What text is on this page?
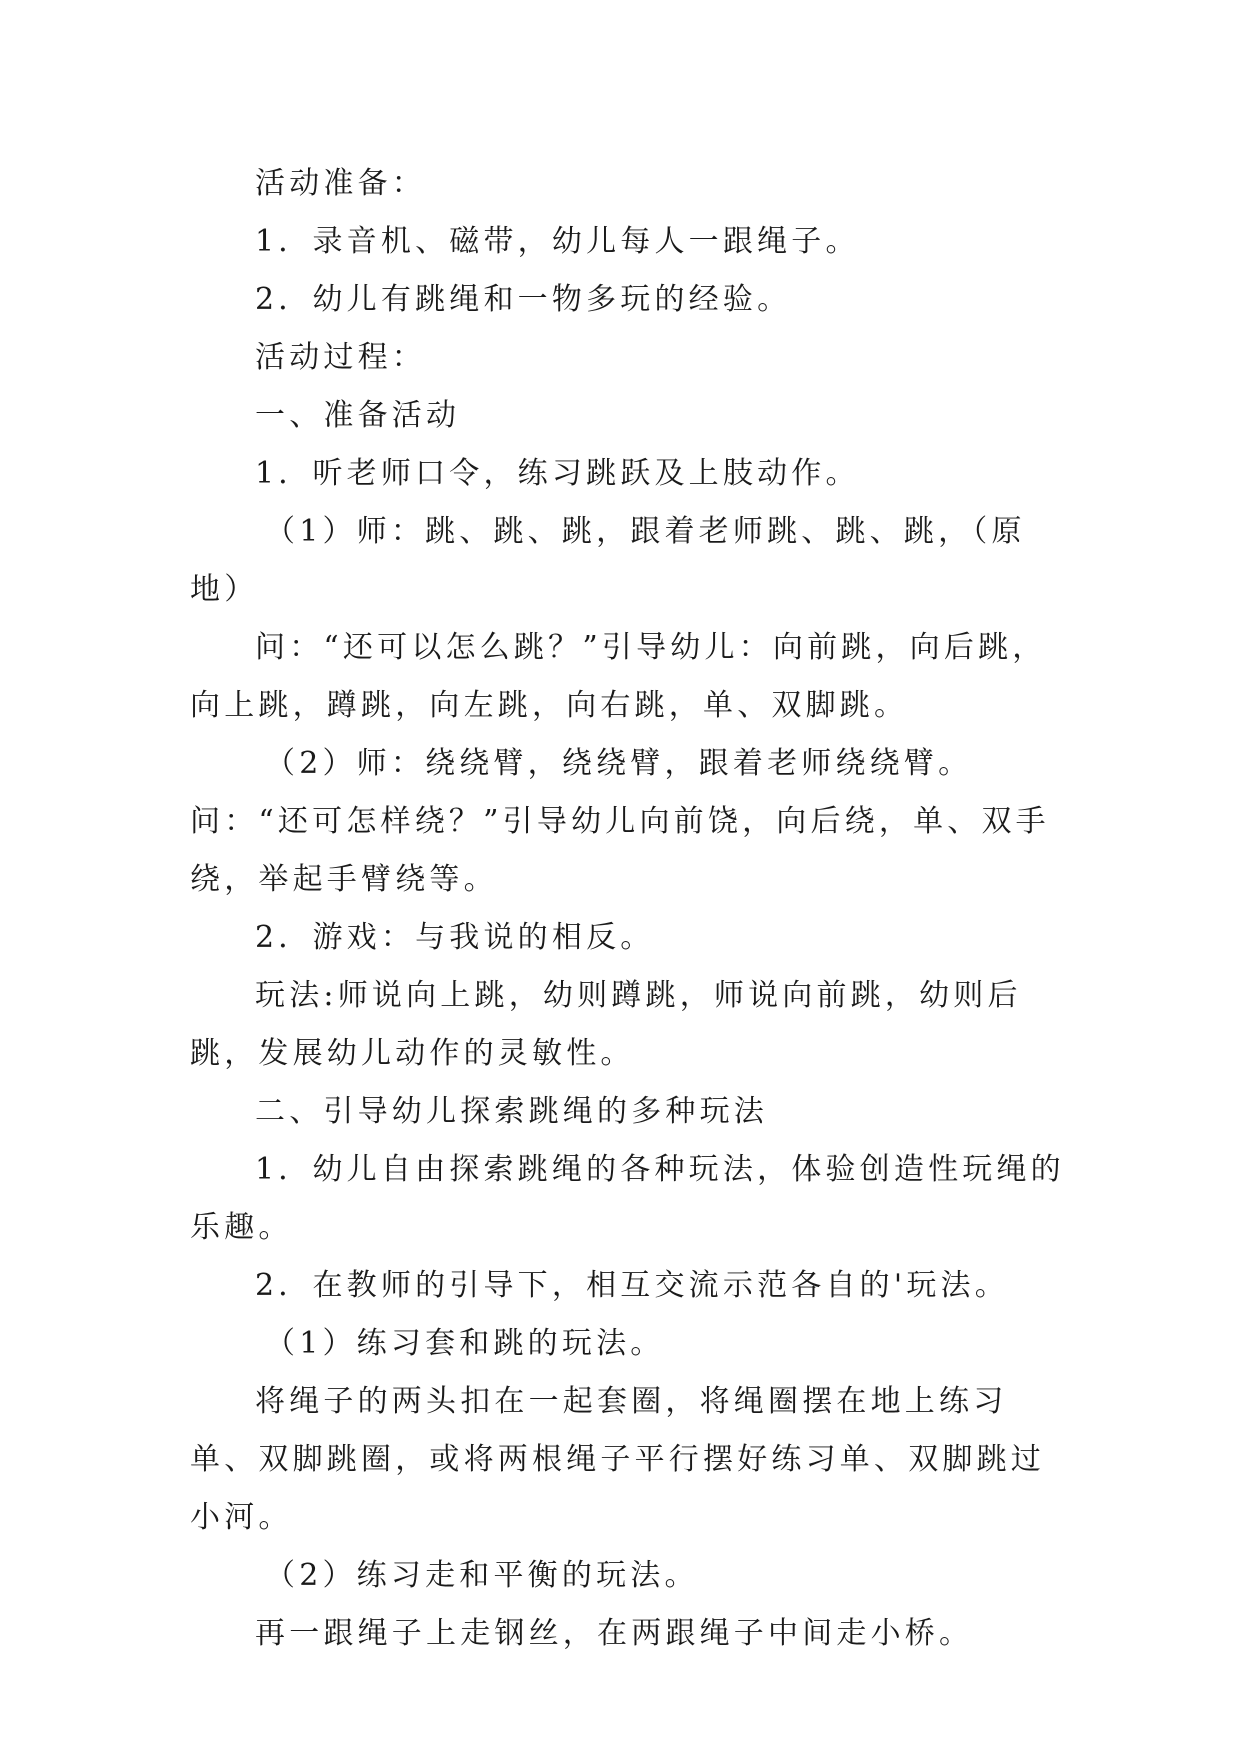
活动准备：

1．录音机、磁带，幼儿每人一跟绳子。

2．幼儿有跳绳和一物多玩的经验。

活动过程：

一、准备活动

1．听老师口令，练习跳跃及上肢动作。

（1）师：跳、跳、跳，跟着老师跳、跳、跳，（原地）

问：“还可以怎么跳？”引导幼儿：向前跳，向后跳，向上跳，蹲跳，向左跳，向右跳，单、双脚跳。

（2）师：绕绕臂，绕绕臂，跟着老师绕绕臂。问：“还可怎样绕？”引导幼儿向前饶，向后绕，单、双手绕，举起手臂绕等。

2．游戏：与我说的相反。

玩法:师说向上跳，幼则蹲跳，师说向前跳，幼则后跳，发展幼儿动作的灵敏性。

二、引导幼儿探索跳绳的多种玩法

1．幼儿自由探索跳绳的各种玩法，体验创造性玩绳的乐趣。

2．在教师的引导下，相互交流示范各自的'玩法。

（1）练习套和跳的玩法。

将绳子的两头扣在一起套圈，将绳圈摆在地上练习单、双脚跳圈，或将两根绳子平行摆好练习单、双脚跳过小河。

（2）练习走和平衡的玩法。

再一跟绳子上走钢丝，在两跟绳子中间走小桥。
